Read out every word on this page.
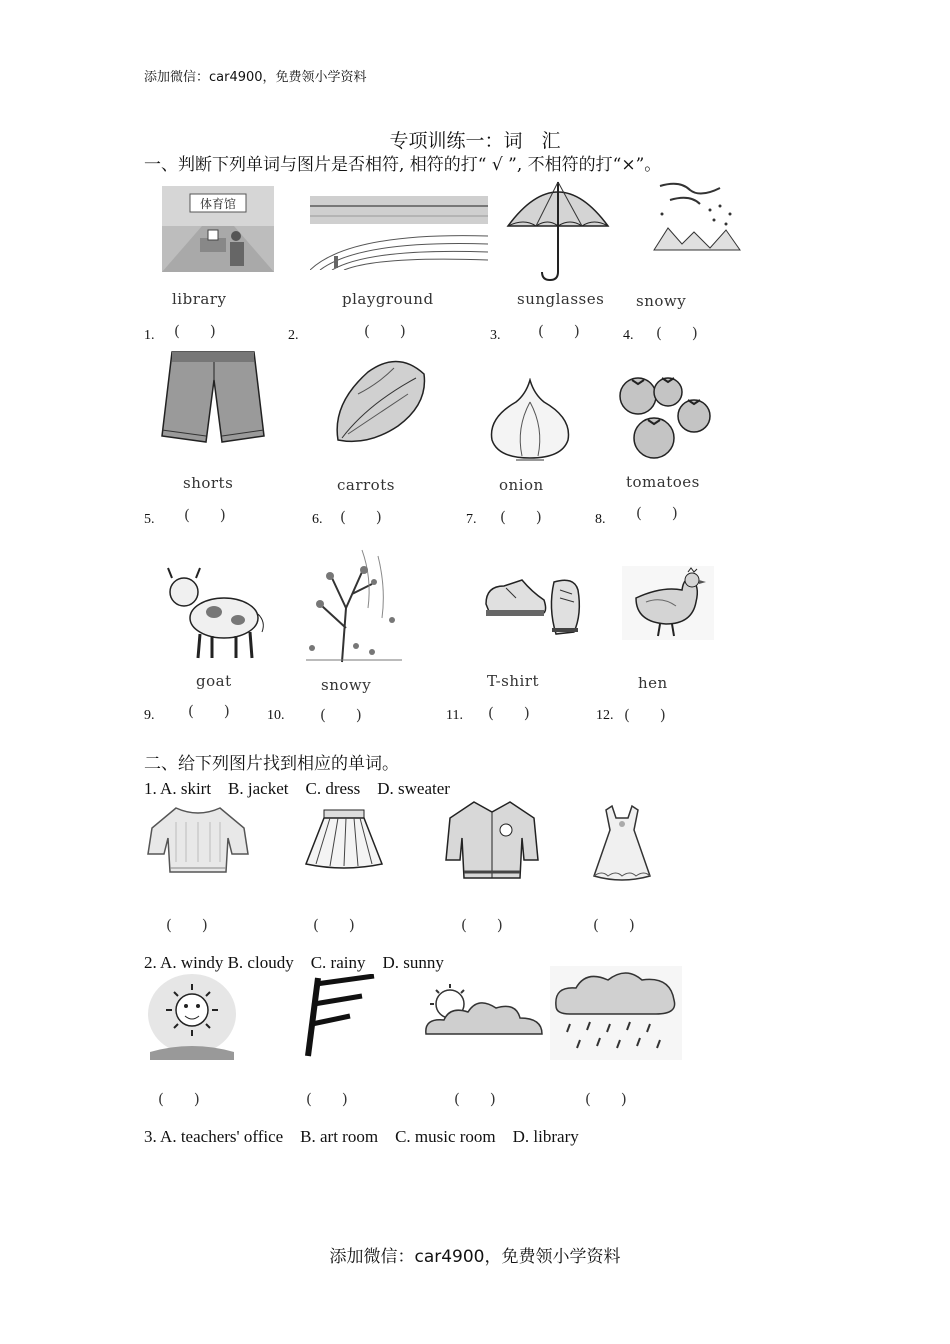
添加微信：car4900，免费领小学资料
专项训练一：词　汇
一、判断下列单词与图片是否相符, 相符的打“ √ ”, 不相符的打“×”。
体育馆
library	playground	sunglasses snowy
1. (　　)	2.	(　　)	3.	(　　)	4. (　　)
shorts	carrots	onion	tomatoes
5. (　　)	6. (　　)	7. (　　)	8. (　　)
goat	snowy	T-shirt	hen
9. (　　)	10. (　　)	11. (　　)	12. (　　)
二、给下列图片找到相应的单词。
1. A. skirt　B. jacket　C. dress　D. sweater
(　　)	(　　)	(　　)	(　　)
2. A. windy B. cloudy　C. rainy　D. sunny
(　　)	(　　)	(　　)	(　　)
3. A. teachers' office　B. art room　C. music room　D. library
添加微信：car4900，免费领小学资料
